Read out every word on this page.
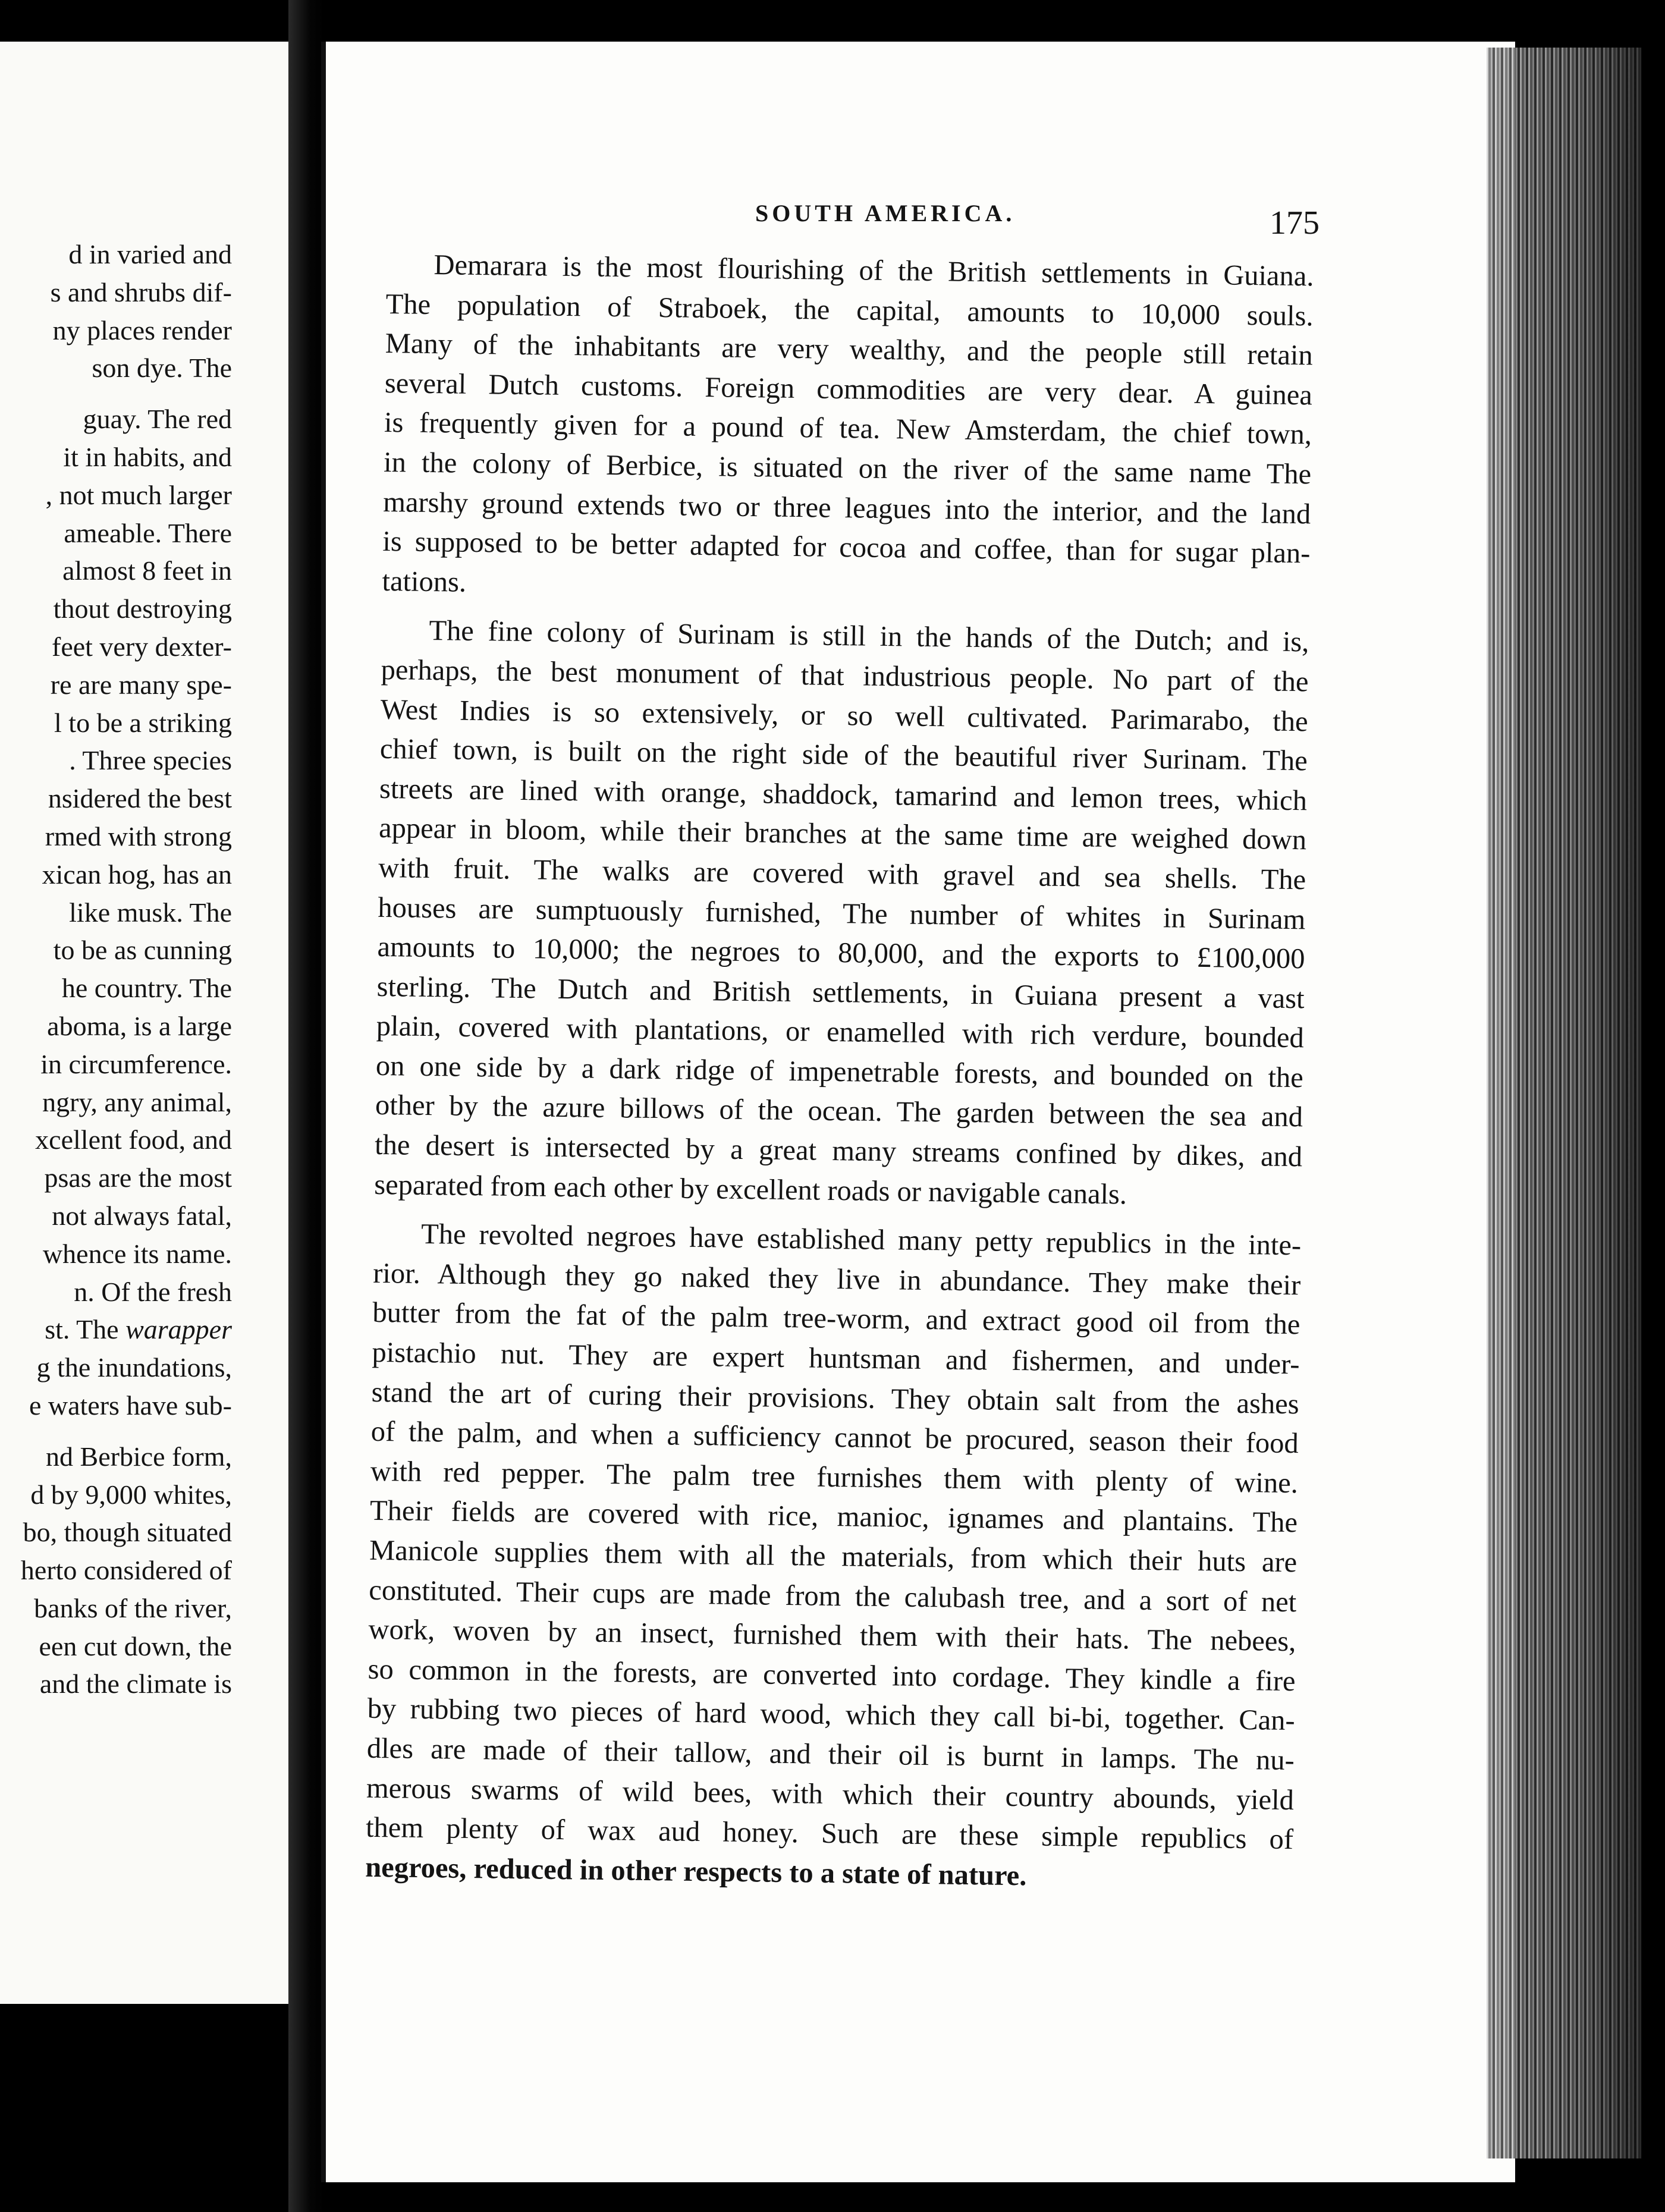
d in varied and
s and shrubs dif-
ny places render
son dye. The
guay. The red
it in habits, and
, not much larger
ameable. There
almost 8 feet in
thout destroying
feet very dexter-
re are many spe-
l to be a striking
. Three species
nsidered the best
rmed with strong
xican hog, has an
like musk. The
to be as cunning
he country. The
aboma, is a large
in circumference.
ngry, any animal,
xcellent food, and
psas are the most
not always fatal,
whence its name.
n. Of the fresh
st. The warapper
g the inundations,
e waters have sub-
nd Berbice form,
d by 9,000 whites,
bo, though situated
herto considered of
banks of the river,
een cut down, the
and the climate is
SOUTH AMERICA.	175
Demarara is the most flourishing of the British settlements in Guiana.
The population of Straboek, the capital, amounts to 10,000 souls.
Many of the inhabitants are very wealthy, and the people still retain
several Dutch customs. Foreign commodities are very dear. A guinea
is frequently given for a pound of tea. New Amsterdam, the chief town,
in the colony of Berbice, is situated on the river of the same name The
marshy ground extends two or three leagues into the interior, and the land
is supposed to be better adapted for cocoa and coffee, than for sugar plan-
tations.
The fine colony of Surinam is still in the hands of the Dutch; and is,
perhaps, the best monument of that industrious people. No part of the
West Indies is so extensively, or so well cultivated. Parimarabo, the
chief town, is built on the right side of the beautiful river Surinam. The
streets are lined with orange, shaddock, tamarind and lemon trees, which
appear in bloom, while their branches at the same time are weighed down
with fruit. The walks are covered with gravel and sea shells. The
houses are sumptuously furnished, The number of whites in Surinam
amounts to 10,000; the negroes to 80,000, and the exports to £100,000
sterling. The Dutch and British settlements, in Guiana present a vast
plain, covered with plantations, or enamelled with rich verdure, bounded
on one side by a dark ridge of impenetrable forests, and bounded on the
other by the azure billows of the ocean. The garden between the sea and
the desert is intersected by a great many streams confined by dikes, and
separated from each other by excellent roads or navigable canals.
The revolted negroes have established many petty republics in the inte-
rior. Although they go naked they live in abundance. They make their
butter from the fat of the palm tree-worm, and extract good oil from the
pistachio nut. They are expert huntsman and fishermen, and under-
stand the art of curing their provisions. They obtain salt from the ashes
of the palm, and when a sufficiency cannot be procured, season their food
with red pepper. The palm tree furnishes them with plenty of wine.
Their fields are covered with rice, manioc, ignames and plantains. The
Manicole supplies them with all the materials, from which their huts are
constituted. Their cups are made from the calubash tree, and a sort of net
work, woven by an insect, furnished them with their hats. The nebees,
so common in the forests, are converted into cordage. They kindle a fire
by rubbing two pieces of hard wood, which they call bi-bi, together. Can-
dles are made of their tallow, and their oil is burnt in lamps. The nu-
merous swarms of wild bees, with which their country abounds, yield
them plenty of wax aud honey. Such are these simple republics of
negroes, reduced in other respects to a state of nature.
